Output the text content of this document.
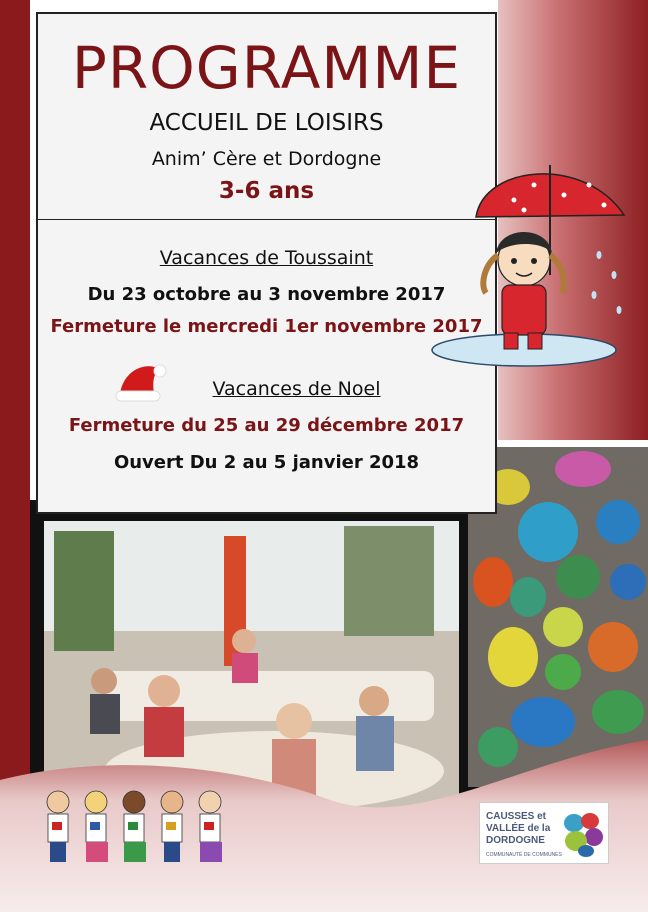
CAUSSES et
VALLÉE de la
DORDOGNE
COMMUNAUTÉ DE COMMUNES
PROGRAMME
ACCUEIL DE LOISIRS
Anim’ Cère et Dordogne
3-6 ans
Vacances de Toussaint
Du 23 octobre au 3 novembre 2017
Fermeture le mercredi 1er novembre 2017
Vacances de Noel
Fermeture du 25 au 29 décembre 2017
Ouvert Du 2 au 5 janvier 2018
